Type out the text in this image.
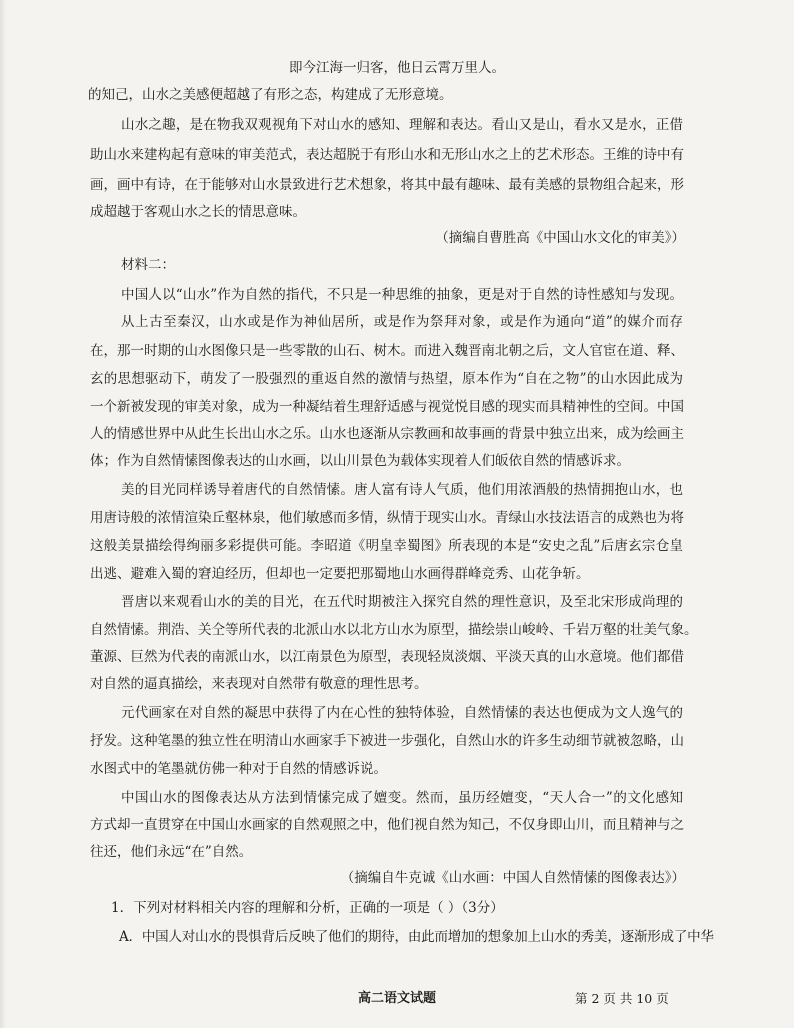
即今江海一归客，他日云霄万里人。

的知己，山水之美感便超越了有形之态，构建成了无形意境。

山水之趣，是在物我双观视角下对山水的感知、理解和表达。看山又是山，看水又是水，正借

助山水来建构起有意味的审美范式，表达超脱于有形山水和无形山水之上的艺术形态。王维的诗中有

画，画中有诗，在于能够对山水景致进行艺术想象，将其中最有趣味、最有美感的景物组合起来，形

成超越于客观山水之长的情思意味。

（摘编自曹胜高《中国山水文化的审美》）

材料二：

中国人以“山水”作为自然的指代，不只是一种思维的抽象，更是对于自然的诗性感知与发现。

从上古至秦汉，山水或是作为神仙居所，或是作为祭拜对象，或是作为通向“道”的媒介而存

在，那一时期的山水图像只是一些零散的山石、树木。而进入魏晋南北朝之后，文人官宦在道、释、

玄的思想驱动下，萌发了一股强烈的重返自然的激情与热望，原本作为“自在之物”的山水因此成为

一个新被发现的审美对象，成为一种凝结着生理舒适感与视觉悦目感的现实而具精神性的空间。中国

人的情感世界中从此生长出山水之乐。山水也逐渐从宗教画和故事画的背景中独立出来，成为绘画主

体；作为自然情愫图像表达的山水画，以山川景色为载体实现着人们皈依自然的情感诉求。

美的目光同样诱导着唐代的自然情愫。唐人富有诗人气质，他们用浓酒般的热情拥抱山水，也

用唐诗般的浓情渲染丘壑林泉，他们敏感而多情，纵情于现实山水。青绿山水技法语言的成熟也为将

这般美景描绘得绚丽多彩提供可能。李昭道《明皇幸蜀图》所表现的本是“安史之乱”后唐玄宗仓皇

出逃、避难入蜀的窘迫经历，但却也一定要把那蜀地山水画得群峰竞秀、山花争斩。

晋唐以来观看山水的美的目光，在五代时期被注入探究自然的理性意识，及至北宋形成尚理的

自然情愫。荆浩、关仝等所代表的北派山水以北方山水为原型，描绘崇山峻岭、千岩万壑的壮美气象。

董源、巨然为代表的南派山水，以江南景色为原型，表现轻岚淡烟、平淡天真的山水意境。他们都借

对自然的逼真描绘，来表现对自然带有敬意的理性思考。

元代画家在对自然的凝思中获得了内在心性的独特体验，自然情愫的表达也便成为文人逸气的

抒发。这种笔墨的独立性在明清山水画家手下被进一步强化，自然山水的许多生动细节就被忽略，山

水图式中的笔墨就仿佛一种对于自然的情感诉说。

中国山水的图像表达从方法到情愫完成了嬗变。然而，虽历经嬗变，“天人合一”的文化感知

方式却一直贯穿在中国山水画家的自然观照之中，他们视自然为知己，不仅身即山川，而且精神与之

往还，他们永远“在”自然。

（摘编自牛克诚《山水画：中国人自然情愫的图像表达》）

1．下列对材料相关内容的理解和分析，正确的一项是（ ）（3分）

A．中国人对山水的畏惧背后反映了他们的期待，由此而增加的想象加上山水的秀美，逐渐形成了中华

高二语文试题	第 2 页 共 10 页
